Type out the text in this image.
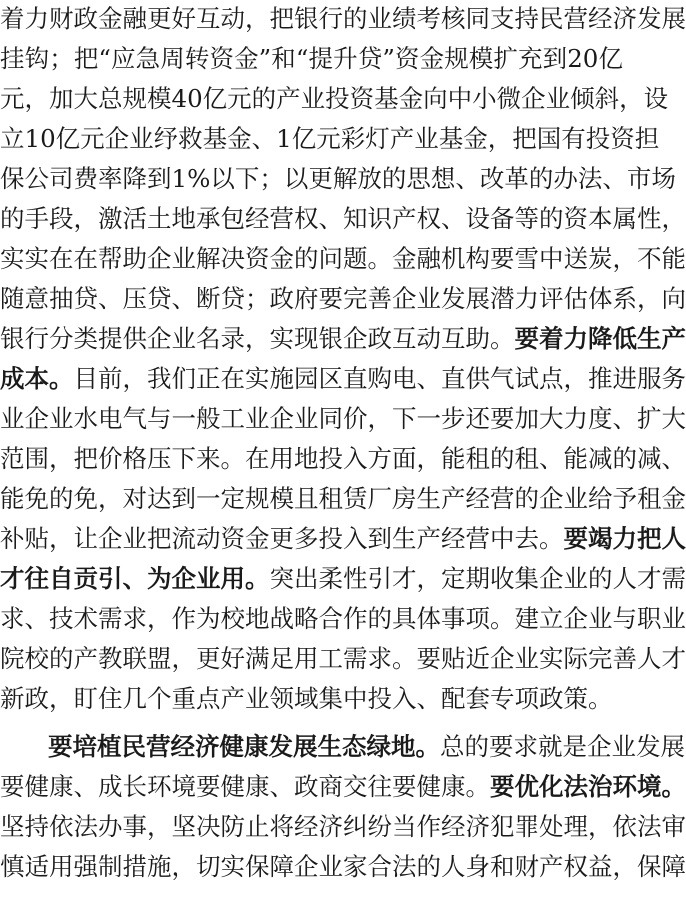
着力财政金融更好互动，把银行的业绩考核同支持民营经济发展
挂钩；把“应急周转资金”和“提升贷”资金规模扩充到20亿
元，加大总规模40亿元的产业投资基金向中小微企业倾斜，设
立10亿元企业纾救基金、1亿元彩灯产业基金，把国有投资担
保公司费率降到1%以下；以更解放的思想、改革的办法、市场
的手段，激活土地承包经营权、知识产权、设备等的资本属性，
实实在在帮助企业解决资金的问题。金融机构要雪中送炭，不能
随意抽贷、压贷、断贷；政府要完善企业发展潜力评估体系，向
银行分类提供企业名录，实现银企政互动互助。要着力降低生产
成本。目前，我们正在实施园区直购电、直供气试点，推进服务
业企业水电气与一般工业企业同价，下一步还要加大力度、扩大
范围，把价格压下来。在用地投入方面，能租的租、能减的减、
能免的免，对达到一定规模且租赁厂房生产经营的企业给予租金
补贴，让企业把流动资金更多投入到生产经营中去。要竭力把人
才往自贡引、为企业用。突出柔性引才，定期收集企业的人才需
求、技术需求，作为校地战略合作的具体事项。建立企业与职业
院校的产教联盟，更好满足用工需求。要贴近企业实际完善人才
新政，盯住几个重点产业领域集中投入、配套专项政策。
要培植民营经济健康发展生态绿地。总的要求就是企业发展
要健康、成长环境要健康、政商交往要健康。要优化法治环境。
坚持依法办事，坚决防止将经济纠纷当作经济犯罪处理，依法审
慎适用强制措施，切实保障企业家合法的人身和财产权益，保障
